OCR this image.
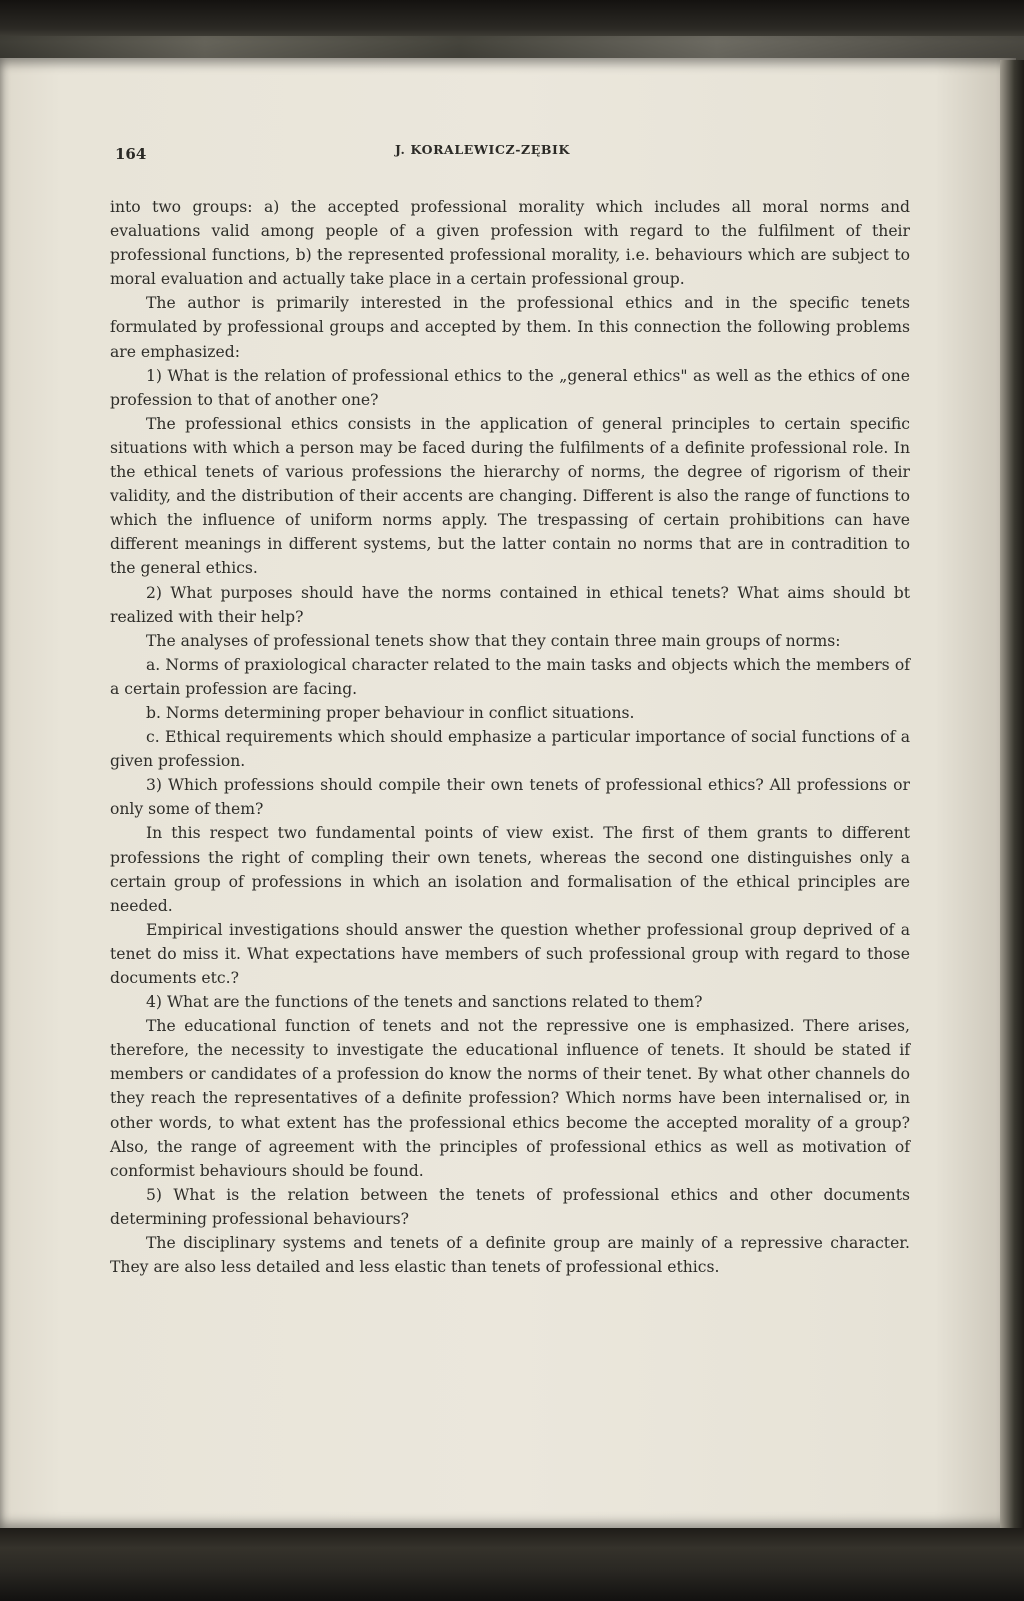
164	J. KORALEWICZ-ZĘBIK

into two groups: a) the accepted professional morality which includes all moral norms and evaluations valid among people of a given profession with regard to the fulfilment of their professional functions, b) the represented professional morality, i.e. behaviours which are subject to moral evaluation and actually take place in a certain professional group.

The author is primarily interested in the professional ethics and in the specific tenets formulated by professional groups and accepted by them. In this connection the following problems are emphasized:

1) What is the relation of professional ethics to the „general ethics" as well as the ethics of one profession to that of another one?

The professional ethics consists in the application of general principles to certain specific situations with which a person may be faced during the fulfilments of a definite professional role. In the ethical tenets of various professions the hierarchy of norms, the degree of rigorism of their validity, and the distribution of their accents are changing. Different is also the range of functions to which the influence of uniform norms apply. The trespassing of certain prohibitions can have different meanings in different systems, but the latter contain no norms that are in contradition to the general ethics.

2) What purposes should have the norms contained in ethical tenets? What aims should bt realized with their help?

The analyses of professional tenets show that they contain three main groups of norms:

a. Norms of praxiological character related to the main tasks and objects which the members of a certain profession are facing.

b. Norms determining proper behaviour in conflict situations.

c. Ethical requirements which should emphasize a particular importance of social functions of a given profession.

3) Which professions should compile their own tenets of professional ethics? All professions or only some of them?

In this respect two fundamental points of view exist. The first of them grants to different professions the right of compling their own tenets, whereas the second one distinguishes only a certain group of professions in which an isolation and formalisation of the ethical principles are needed.

Empirical investigations should answer the question whether professional group deprived of a tenet do miss it. What expectations have members of such professional group with regard to those documents etc.?

4) What are the functions of the tenets and sanctions related to them?

The educational function of tenets and not the repressive one is emphasized. There arises, therefore, the necessity to investigate the educational influence of tenets. It should be stated if members or candidates of a profession do know the norms of their tenet. By what other channels do they reach the representatives of a definite profession? Which norms have been internalised or, in other words, to what extent has the professional ethics become the accepted morality of a group? Also, the range of agreement with the principles of professional ethics as well as motivation of conformist behaviours should be found.

5) What is the relation between the tenets of professional ethics and other documents determining professional behaviours?

The disciplinary systems and tenets of a definite group are mainly of a repressive character. They are also less detailed and less elastic than tenets of professional ethics.
